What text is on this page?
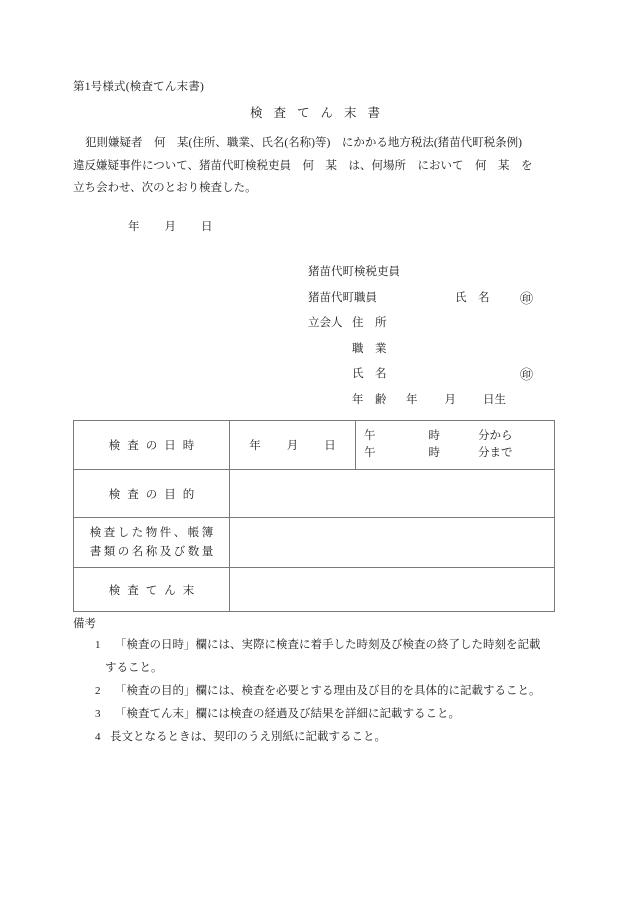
第1号様式(検査てん末書)
検査てん末書
犯則嫌疑者　何　某(住所、職業、氏名(名称)等)　にかかる地方税法(猪苗代町税条例)
違反嫌疑事件について、猪苗代町検税吏員　何　某　は、何場所　において　何　某　を
立ち会わせ、次のとおり検査した。
年 月 日
猪苗代町検税吏員
猪苗代町職員	氏　名 ㊞
立会人 住　所
職　業
氏　名	㊞
年　齢 年 月 日生
検査の日時	年 月 日	午 時 分から
午 時 分まで

検査の目的		

検査した物件、帳簿
書類の名称及び数量		

検査てん末		

備考
1 「検査の日時」欄には、実際に検査に着手した時刻及び検査の終了した時刻を記載
すること。
2 「検査の目的」欄には、検査を必要とする理由及び目的を具体的に記載すること。
3 「検査てん末」欄には検査の経過及び結果を詳細に記載すること。
4 長文となるときは、契印のうえ別紙に記載すること。
